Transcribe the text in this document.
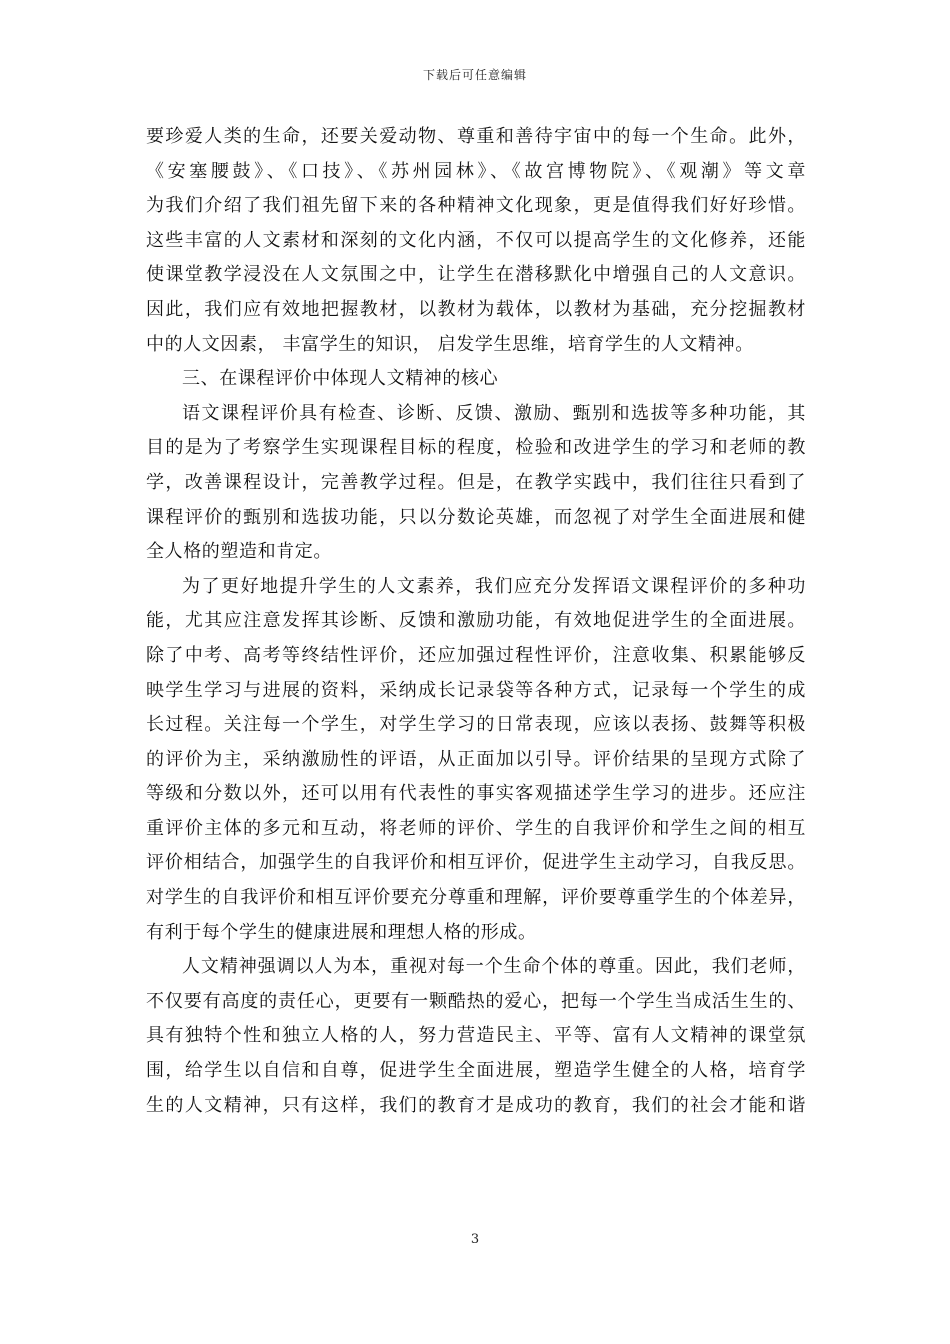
下载后可任意编辑
要珍爱人类的生命，还要关爱动物、尊重和善待宇宙中的每一个生命。此外，
《安塞腰鼓》、《口技》、《苏州园林》、《故宫博物院》、《观潮》等文章
为我们介绍了我们祖先留下来的各种精神文化现象，更是值得我们好好珍惜。
这些丰富的人文素材和深刻的文化内涵，不仅可以提高学生的文化修养，还能
使课堂教学浸没在人文氛围之中，让学生在潜移默化中增强自己的人文意识。
因此，我们应有效地把握教材，以教材为载体，以教材为基础，充分挖掘教材
中的人文因素， 丰富学生的知识， 启发学生思维，培育学生的人文精神。
三、在课程评价中体现人文精神的核心
语文课程评价具有检查、诊断、反馈、激励、甄别和选拔等多种功能，其
目的是为了考察学生实现课程目标的程度，检验和改进学生的学习和老师的教
学，改善课程设计，完善教学过程。但是，在教学实践中，我们往往只看到了
课程评价的甄别和选拔功能，只以分数论英雄，而忽视了对学生全面进展和健
全人格的塑造和肯定。
为了更好地提升学生的人文素养，我们应充分发挥语文课程评价的多种功
能，尤其应注意发挥其诊断、反馈和激励功能，有效地促进学生的全面进展。
除了中考、高考等终结性评价，还应加强过程性评价，注意收集、积累能够反
映学生学习与进展的资料，采纳成长记录袋等各种方式，记录每一个学生的成
长过程。关注每一个学生，对学生学习的日常表现，应该以表扬、鼓舞等积极
的评价为主，采纳激励性的评语，从正面加以引导。评价结果的呈现方式除了
等级和分数以外，还可以用有代表性的事实客观描述学生学习的进步。还应注
重评价主体的多元和互动，将老师的评价、学生的自我评价和学生之间的相互
评价相结合，加强学生的自我评价和相互评价，促进学生主动学习，自我反思。
对学生的自我评价和相互评价要充分尊重和理解，评价要尊重学生的个体差异，
有利于每个学生的健康进展和理想人格的形成。
人文精神强调以人为本，重视对每一个生命个体的尊重。因此，我们老师，
不仅要有高度的责任心，更要有一颗酷热的爱心，把每一个学生当成活生生的、
具有独特个性和独立人格的人，努力营造民主、平等、富有人文精神的课堂氛
围，给学生以自信和自尊，促进学生全面进展，塑造学生健全的人格，培育学
生的人文精神，只有这样，我们的教育才是成功的教育，我们的社会才能和谐
3
